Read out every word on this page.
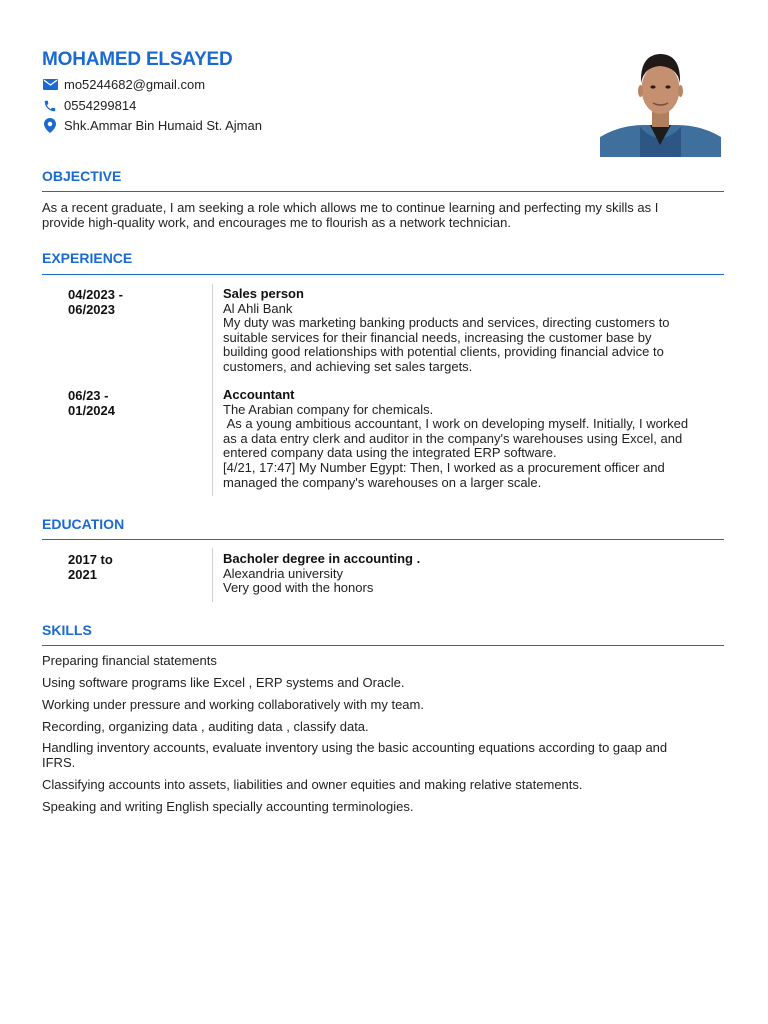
MOHAMED ELSAYED
mo5244682@gmail.com
0554299814
Shk.Ammar Bin Humaid St. Ajman
OBJECTIVE
As a recent graduate, I am seeking a role which allows me to continue learning and perfecting my skills as I
provide high-quality work, and encourages me to flourish as a network technician.
EXPERIENCE
04/2023 -
06/2023
Sales person
Al Ahli Bank
My duty was marketing banking products and services, directing customers to
suitable services for their financial needs, increasing the customer base by
building good relationships with potential clients, providing financial advice to
customers, and achieving set sales targets.
06/23 -
01/2024
Accountant
The Arabian company for chemicals.
As a young ambitious accountant, I work on developing myself. Initially, I worked
as a data entry clerk and auditor in the company's warehouses using Excel, and
entered company data using the integrated ERP software.
[4/21, 17:47] My Number Egypt: Then, I worked as a procurement officer and
managed the company's warehouses on a larger scale.
EDUCATION
2017 to
2021
Bacholer degree in accounting .
Alexandria university
Very good with the honors
SKILLS
Preparing financial statements
Using software programs like Excel , ERP systems and Oracle.
Working under pressure and working collaboratively with my team.
Recording, organizing data , auditing data , classify data.
Handling inventory accounts, evaluate inventory using the basic accounting equations according to gaap and
IFRS.
Classifying accounts into assets, liabilities and owner equities and making relative statements.
Speaking and writing English specially accounting terminologies.
